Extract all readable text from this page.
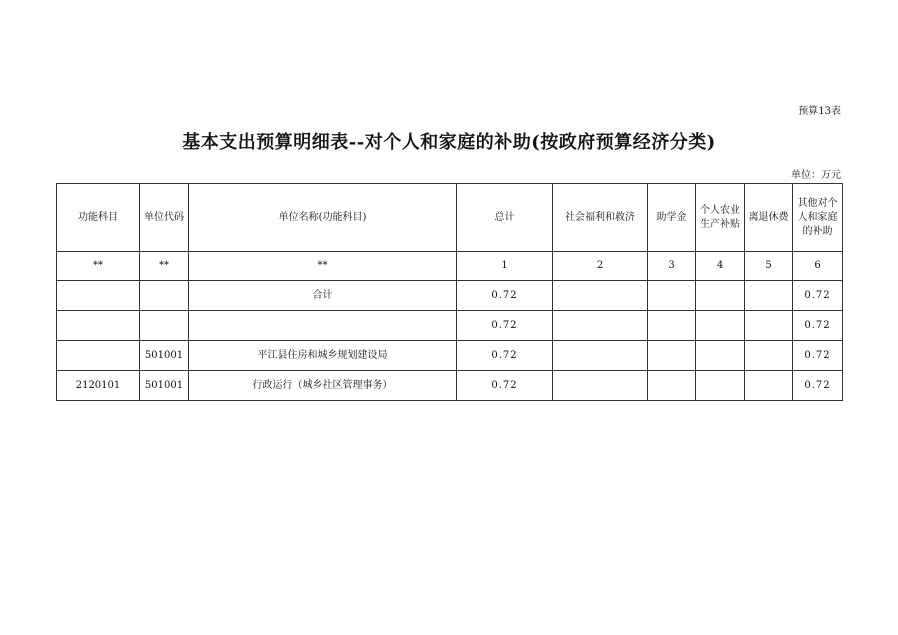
预算13表
基本支出预算明细表--对个人和家庭的补助(按政府预算经济分类)
单位：万元
功能科目	单位代码	单位名称(功能科目)	总计	社会福利和救济	助学金	个人农业生产补贴	离退休费	其他对个人和家庭的补助
**	**	**	1	2	3	4	5	6
		合计	0.72					0.72
			0.72					0.72
	501001	平江县住房和城乡规划建设局	0.72					0.72
2120101	501001	行政运行（城乡社区管理事务）	0.72					0.72
